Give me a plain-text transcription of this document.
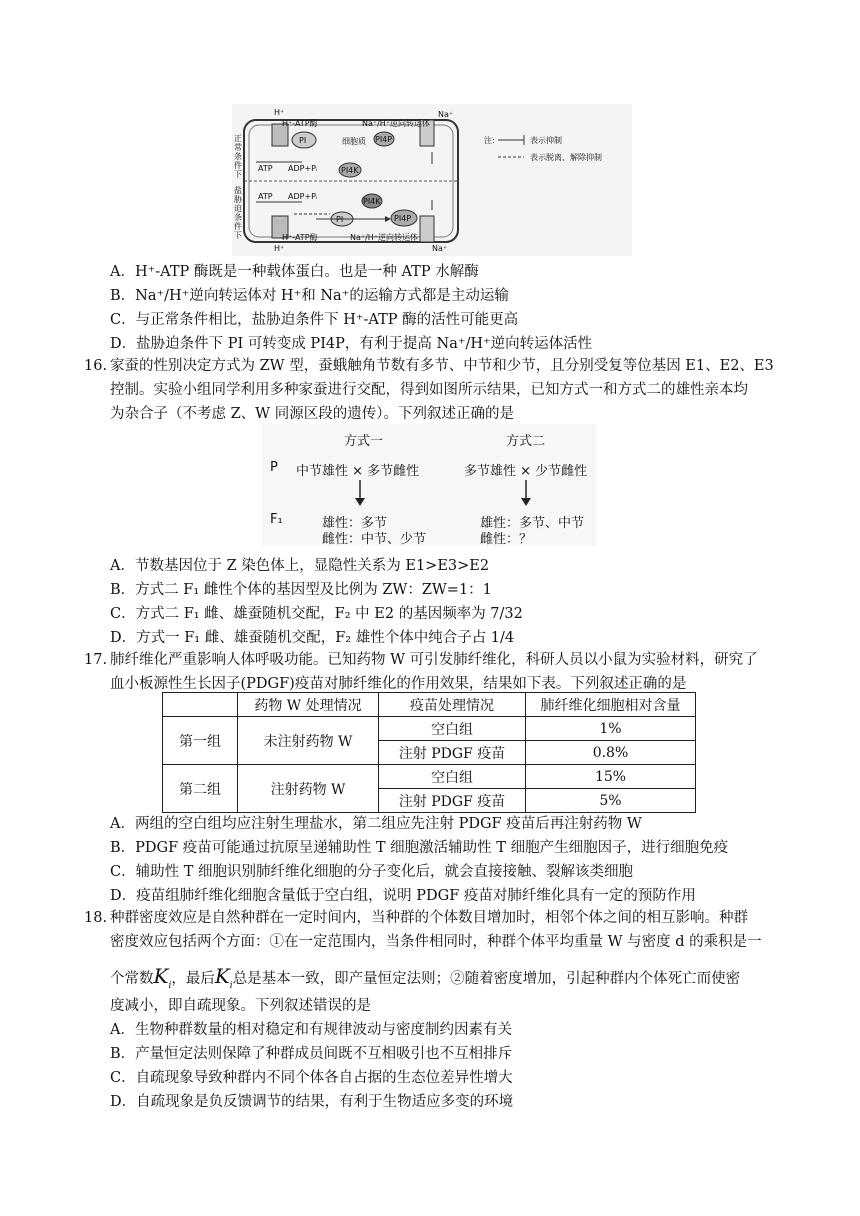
正常条件下
盐胁迫条件下
H⁺
H⁺
H⁺-ATP酶
H⁺-ATP酶
Na⁺/H⁺逆向转运体
Na⁺/H⁺逆向转运体
Na⁺
Na⁺
细胞质
PI
PI
PI4P
PI4P
PI4K
PI4K
ATP ADP+Pᵢ
ATP ADP+Pᵢ
注:	表示抑制
表示脱离、解除抑制
A．H⁺-ATP 酶既是一种载体蛋白。也是一种 ATP 水解酶
B．Na⁺/H⁺逆向转运体对 H⁺和 Na⁺的运输方式都是主动运输
C．与正常条件相比，盐胁迫条件下 H⁺-ATP 酶的活性可能更高
D．盐胁迫条件下 PI 可转变成 PI4P，有利于提高 Na⁺/H⁺逆向转运体活性
16. 家蚕的性别决定方式为 ZW 型，蚕蛾触角节数有多节、中节和少节，且分别受复等位基因 E1、E2、E3
控制。实验小组同学利用多种家蚕进行交配，得到如图所示结果，已知方式一和方式二的雄性亲本均
为杂合子（不考虑 Z、W 同源区段的遗传）。下列叙述正确的是
方式一	方式二
P 中节雄性 × 多节雌性	多节雄性 × 少节雌性
F₁	雄性：多节
雌性：中节、少节
雄性：多节、中节
雌性：？
A．节数基因位于 Z 染色体上，显隐性关系为 E1>E3>E2
B．方式二 F₁ 雌性个体的基因型及比例为 ZW：ZW=1：1
C．方式二 F₁ 雌、雄蚕随机交配，F₂ 中 E2 的基因频率为 7/32
D．方式一 F₁ 雌、雄蚕随机交配，F₂ 雄性个体中纯合子占 1/4
17. 肺纤维化严重影响人体呼吸功能。已知药物 W 可引发肺纤维化，科研人员以小鼠为实验材料，研究了
血小板源性生长因子(PDGF)疫苗对肺纤维化的作用效果，结果如下表。下列叙述正确的是
	药物 W 处理情况	疫苗处理情况	肺纤维化细胞相对含量
第一组	未注射药物 W	空白组	1%
		注射 PDGF 疫苗	0.8%
第二组	注射药物 W	空白组	15%
		注射 PDGF 疫苗	5%
A．两组的空白组均应注射生理盐水，第二组应先注射 PDGF 疫苗后再注射药物 W
B．PDGF 疫苗可能通过抗原呈递辅助性 T 细胞激活辅助性 T 细胞产生细胞因子，进行细胞免疫
C．辅助性 T 细胞识别肺纤维化细胞的分子变化后，就会直接接触、裂解该类细胞
D．疫苗组肺纤维化细胞含量低于空白组，说明 PDGF 疫苗对肺纤维化具有一定的预防作用
18. 种群密度效应是自然种群在一定时间内，当种群的个体数目增加时，相邻个体之间的相互影响。种群
密度效应包括两个方面：①在一定范围内，当条件相同时，种群个体平均重量 W 与密度 d 的乘积是一
个常数$K_i$，最后$K_i$总是基本一致，即产量恒定法则；②随着密度增加，引起种群内个体死亡而使密
度减小，即自疏现象。下列叙述错误的是
A．生物种群数量的相对稳定和有规律波动与密度制约因素有关
B．产量恒定法则保障了种群成员间既不互相吸引也不互相排斥
C．自疏现象导致种群内不同个体各自占据的生态位差异性增大
D．自疏现象是负反馈调节的结果，有利于生物适应多变的环境
